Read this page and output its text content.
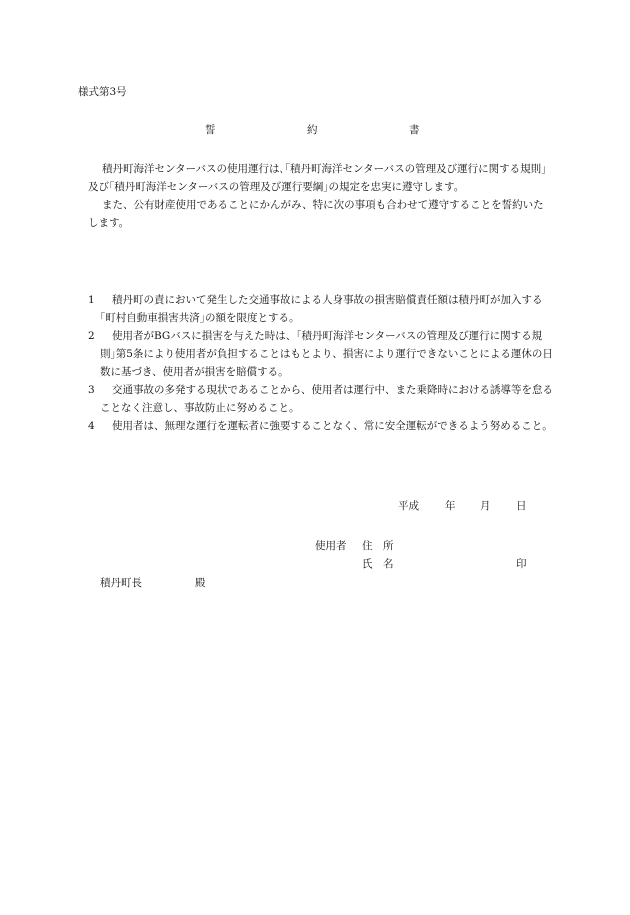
様式第3号
誓	約	書

積丹町海洋センターバスの使用運行は､｢積丹町海洋センターバスの管理及び運行に関する規則｣及び｢積丹町海洋センターバスの管理及び運行要綱｣の規定を忠実に遵守します。

また、公有財産使用であることにかんがみ、特に次の事項も合わせて遵守することを誓約いたします。

1 積丹町の責において発生した交通事故による人身事故の損害賠償責任額は積丹町が加入する｢町村自動車損害共済｣の額を限度とする。
2 使用者がBGバスに損害を与えた時は、｢積丹町海洋センターバスの管理及び運行に関する規則｣第5条により使用者が負担することはもとより、損害により運行できないことによる運休の日数に基づき、使用者が損害を賠償する。
3 交通事故の多発する現状であることから、使用者は運行中、また乗降時における誘導等を怠ることなく注意し、事故防止に努めること。
4 使用者は、無理な運行を運転者に強要することなく、常に安全運転ができるよう努めること。
平成 年 月 日
使用者 住　所
氏　名	印
積丹町長	殿
